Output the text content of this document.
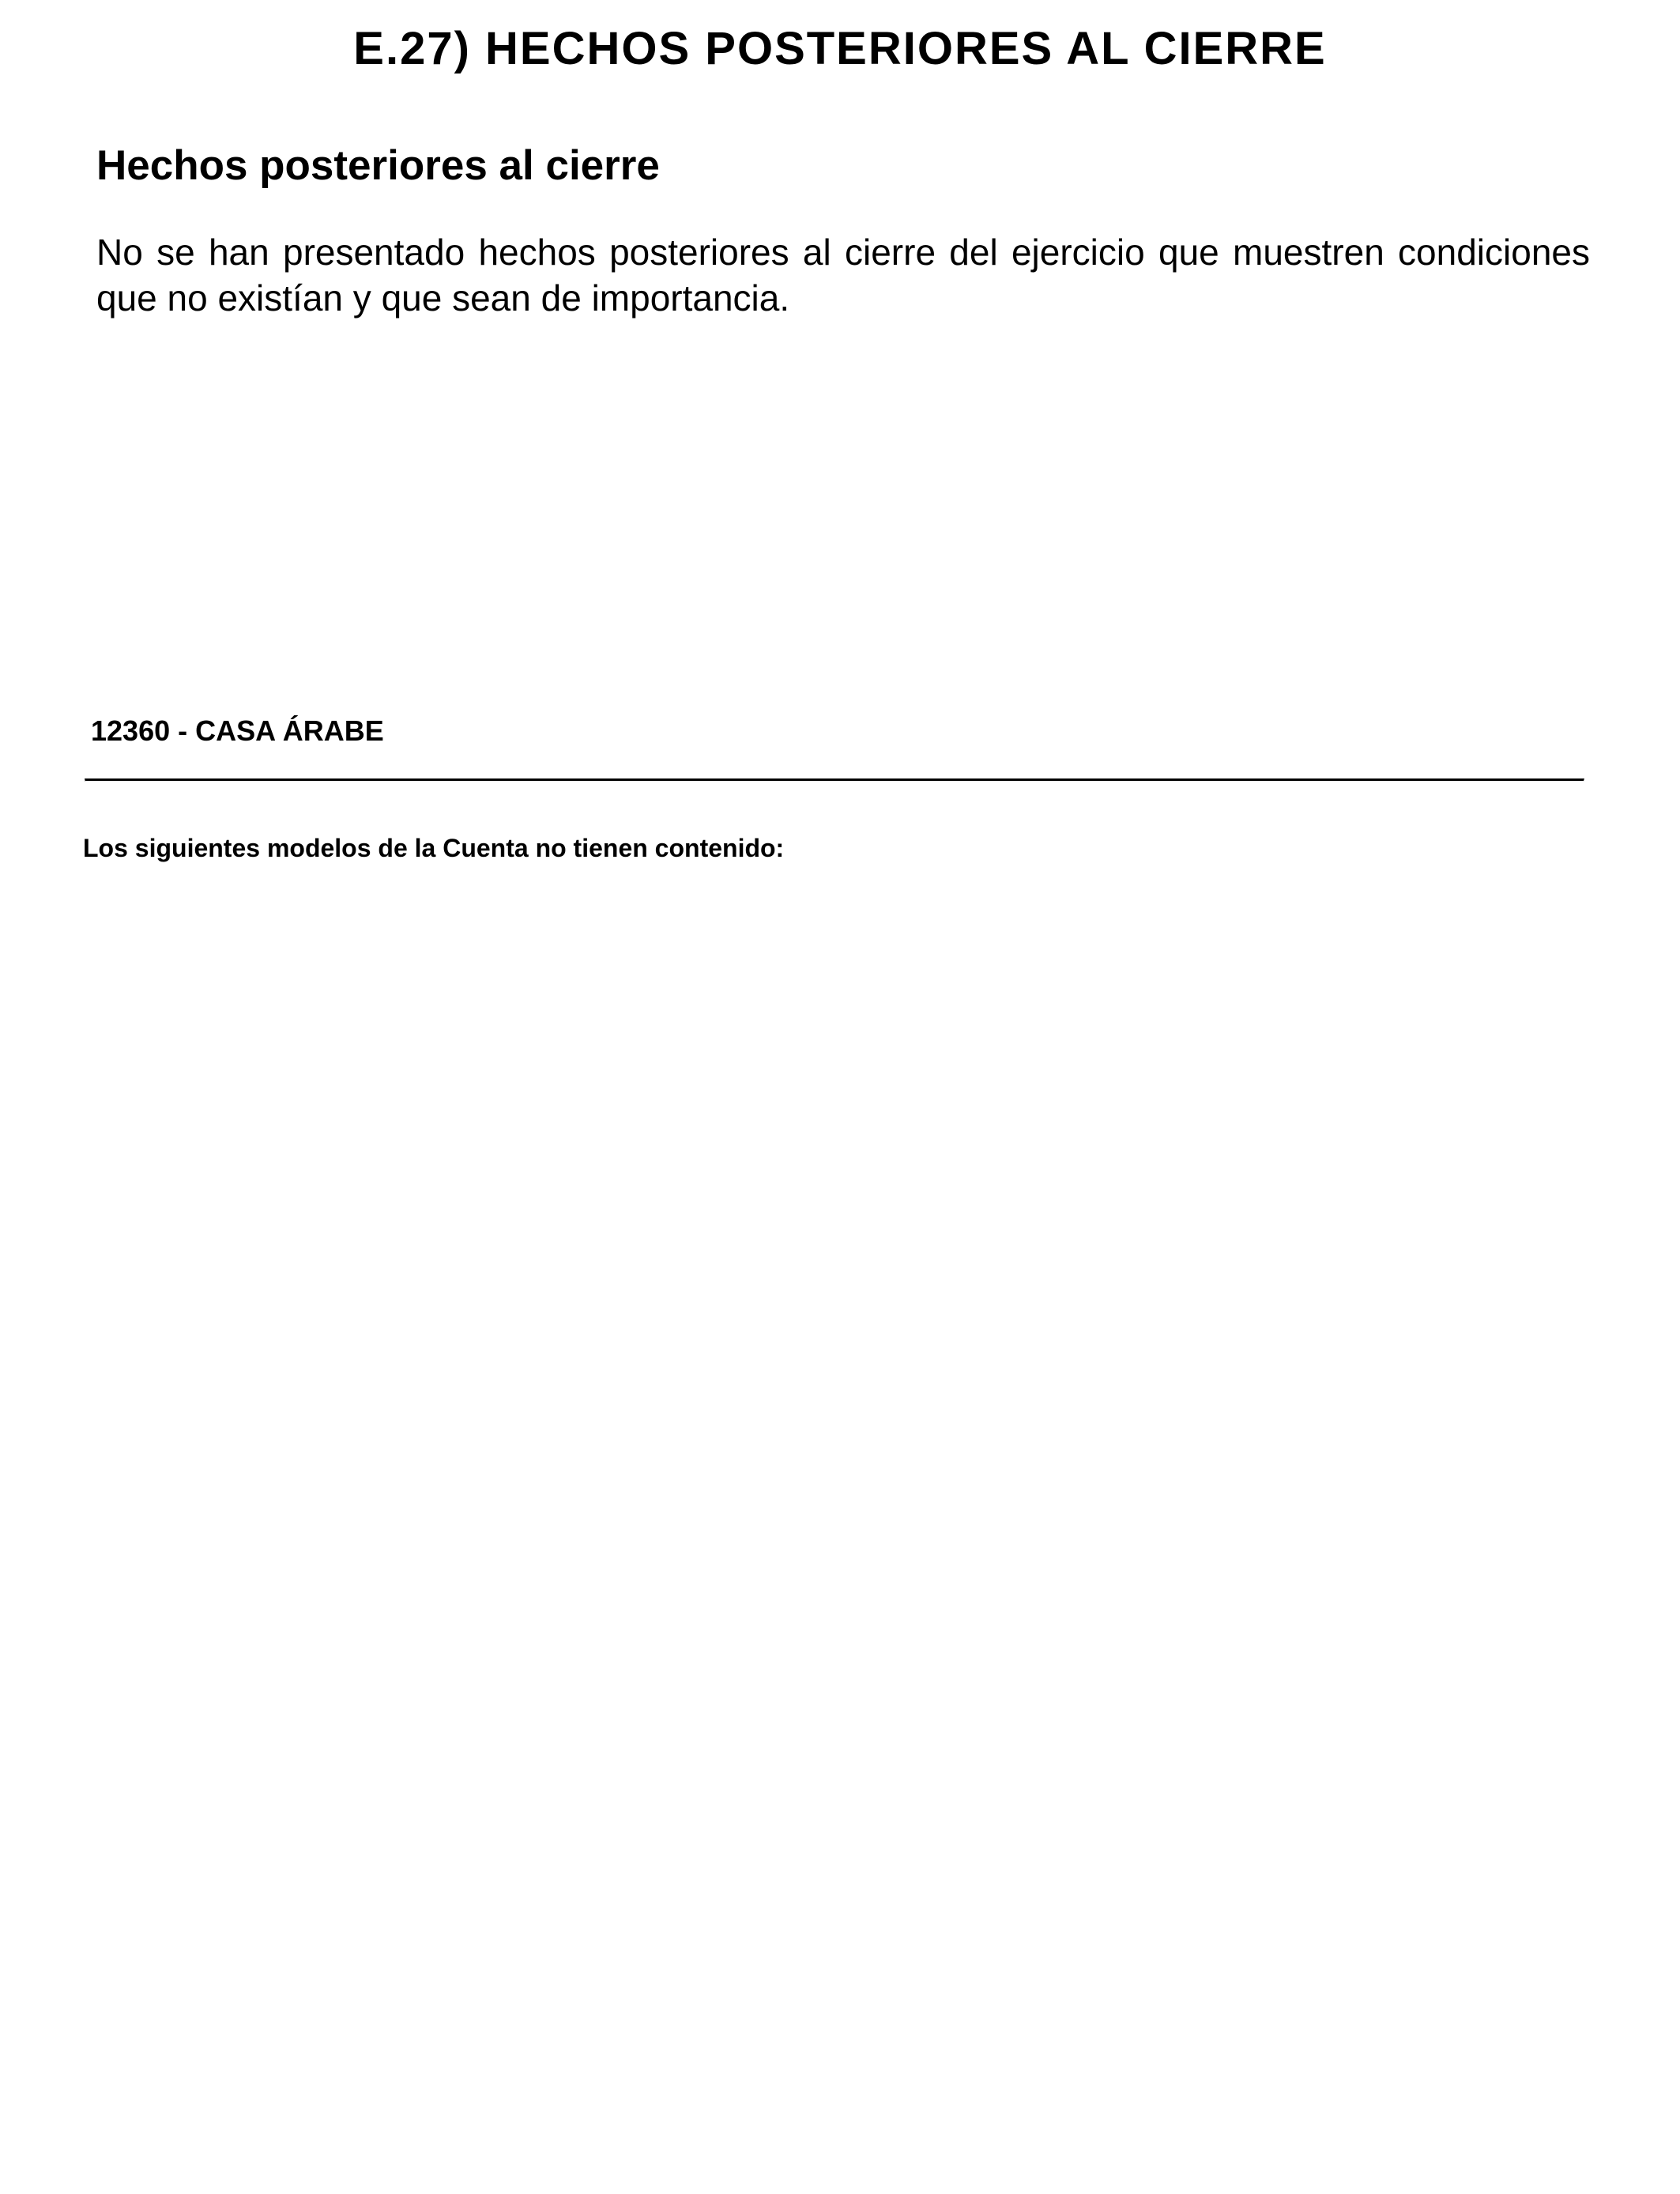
E.27) HECHOS POSTERIORES AL CIERRE
Hechos posteriores al cierre

No se han presentado hechos posteriores al cierre del ejercicio que muestren condiciones que no existían y que sean de importancia.

12360 - CASA ÁRABE
Los siguientes modelos de la Cuenta no tienen contenido:
